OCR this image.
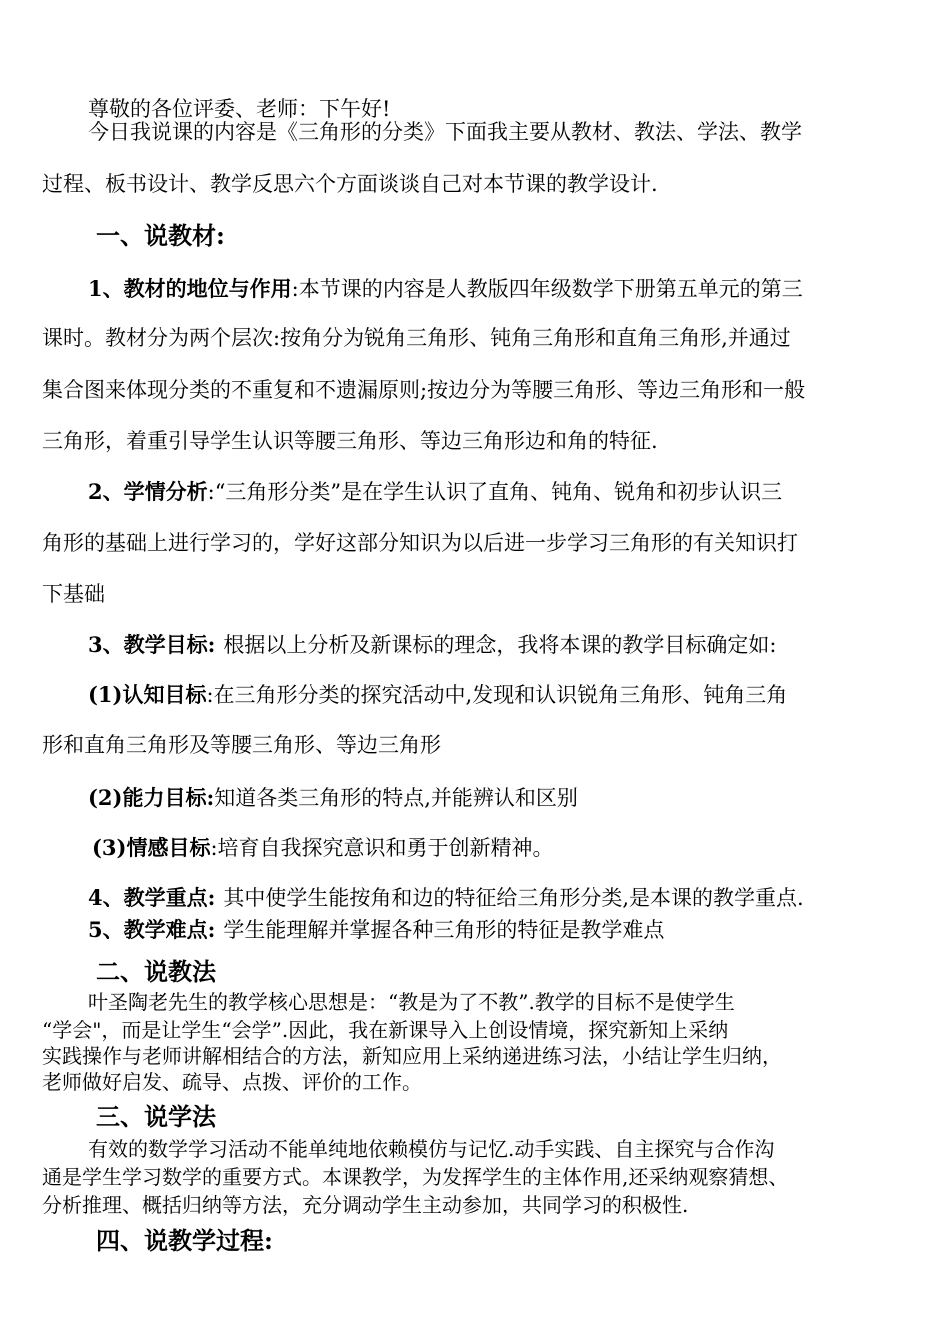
尊敬的各位评委、老师：下午好!

今日我说课的内容是《三角形的分类》下面我主要从教材、教法、学法、教学

过程、板书设计、教学反思六个方面谈谈自己对本节课的教学设计.

一、说教材:

1、教材的地位与作用:本节课的内容是人教版四年级数学下册第五单元的第三

课时。教材分为两个层次:按角分为锐角三角形、钝角三角形和直角三角形,并通过

集合图来体现分类的不重复和不遗漏原则;按边分为等腰三角形、等边三角形和一般

三角形，着重引导学生认识等腰三角形、等边三角形边和角的特征.

2、学情分析:“三角形分类”是在学生认识了直角、钝角、锐角和初步认识三

角形的基础上进行学习的，学好这部分知识为以后进一步学习三角形的有关知识打

下基础

3、教学目标: 根据以上分析及新课标的理念，我将本课的教学目标确定如:

(1)认知目标:在三角形分类的探究活动中,发现和认识锐角三角形、钝角三角

形和直角三角形及等腰三角形、等边三角形

(2)能力目标:知道各类三角形的特点,并能辨认和区别

(3)情感目标:培育自我探究意识和勇于创新精神。

4、教学重点: 其中使学生能按角和边的特征给三角形分类,是本课的教学重点.

5、教学难点: 学生能理解并掌握各种三角形的特征是教学难点

二、说教法

叶圣陶老先生的教学核心思想是：“教是为了不教”.教学的目标不是使学生

“学会"，而是让学生“会学”.因此，我在新课导入上创设情境，探究新知上采纳

实践操作与老师讲解相结合的方法，新知应用上采纳递进练习法，小结让学生归纳，

老师做好启发、疏导、点拨、评价的工作。

三、说学法

有效的数学学习活动不能单纯地依赖模仿与记忆.动手实践、自主探究与合作沟

通是学生学习数学的重要方式。本课教学，为发挥学生的主体作用,还采纳观察猜想、

分析推理、概括归纳等方法，充分调动学生主动参加，共同学习的积极性.

四、说教学过程:
